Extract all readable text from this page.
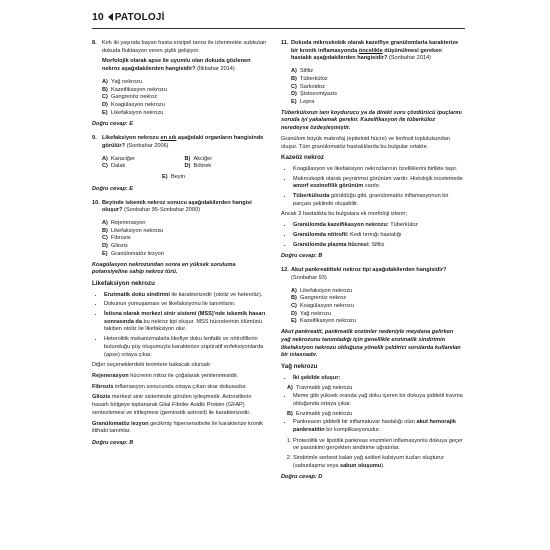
10 PATOLOJİ
8. Kırk iki yaşında bayan hasta erizipel tanısı ile izlenmekte subkutan dokuda fluktasyon veren şişlik gelişiyor.

Morfolojik olarak apse ile uyumlu olan dokuda gözlenen nekroz aşağıdakilerden hangisidir? (İlkbahar 2014)

A) Yağ nekrozu
B) Kazeifikasyon nekrozu
C) Gangrenöz nekroz
D) Koagülasyon nekrozu
E) Likefaksiyon nekrozu
Doğru cevap: E
9. Likefaksiyon nekrozu en sık aşağıdaki organların hangisinde görülür? (Sonbahar 2006)

A) Karaciğer	B) Akciğer
C) Dalak	D) Böbrek
E) Beyin
Doğru cevap: E
10. Beyinde iskemik nekroz sonucu aşağıdakilerden hangisi oluşur? (Sonbahar 95-Sonbahar 2000)

A) Rejenerasyon
B) Likefaksiyon nekrozu
C) Fibrozis
D) Gliozis
E) Granülomatöz lezyon

Koagülasyon nekrozundan sonra en yüksek soruluma potansiyeline sahip nekroz türü.

Likefaksiyon nekrozu
• Enzimatik doku sindirimi ile karakterizedir (otoliz ve heteroliz).
• Dokunun yumuşaması ve likefaksiyonu ile tanımlanır.
• İstisna olarak merkezi sinir sistemi (MSS)'nde iskemik hasarı sonrasında da bu nekroz tipi oluşur. MSS hücrelerinin ölümünü takiben otoliz ile likefaksiyon olur.
• Heterolitik mekanizmalarla likefiye doku lenfatik ve nötrofillerin bulunduğu püy oluşumuyla karakterize süpüratif enfeksiyonlarda (apse) ortaya çıkar.

Diğer seçeneklerdeki terimlere bakacak olursak:

Rejenerasyon hücrenin mitoz ile çoğalarak yenilenmesidir.

Fibrozis inflamasyon sonucunda ortaya çıkan skar dokusudur.

Gliozis merkezi sinir sisteminde görülen iyileşmedir. Astrositlerin hasarlı bölgeye toplanarak Glial Fibriler Asidik Protein (GFAP) sentezlemesi ve iritleşmesi (gemiostik astrosit) ile karakterizedir.

Granülomatöz lezyon gecikmiş hipersensitivite ile karakterize kronik iltihabi tanımlar.

Doğru cevap: B
11. Dokuda mikroskobik olarak kazeifiye granülomlarla karakterize bir kronik inflamasyonda öncelikle düşünülmesi gereken hastalık aşağıdakilerden hangisidir? (Sonbahar 2014)

A) Sifiliz
B) Tüberküloz
C) Sarkoidoz
D) Şistozomiyazis
E) Lepra

Tüberkülozun tanı koydurucu ya da direkt soru çözdürücü ipuçlarını soruda iyi yakalamak gerekir. Kazeifikasyon ile tüberküloz neredeyse özdeşleşmiştir.

Granülom büyük makrofaj (epiteloid hücre) ve lenfosit toplulukundan oluşur. Tüm granülomatöz hastalıklarda bu bulgular ortaktır.

Kazeöz nekroz
• Koagülasyon ve likefaksiyon nekrozlarının özelliklerini birlikte taşır.
• Makroskopik olarak peynirimsi görünüm vardır. Histolojik incelemede amorf eozinofilik görünüm vardır.
• Tüberkülozda görüldüğü gibi, granülomatöz inflamasyonun bir parçası şeklinde oluşabilir.

Ancak 3 hastalıkta bu bulgulara ek morfoloji izlenir;

• Granülomda kazeifikasyon nekrozu: Tüberküloz
• Granülomda nötrofil: Kedi tırmığı hastalığı
• Granülomda plazma hücresi: Sifiliz
Doğru cevap: B
12. Akut pankreatitteki nekroz tipi aşağıdakilerden hangisidir? (Sonbahar 93)

A) Likefaksiyon nekrozu
B) Gangrenöz nekroz
C) Koagülasyon nekrozu
D) Yağ nekrozu
E) Kazeifikasyon nekrozu

Akut pankreatit, pankreatik enzimler nedeniyle meydana gelirken yağ nekrozunu tanımladığı için genellikle enzimatik sindirimin likefaksiyon nekrozu olduğuna yönelik çeldirici sorularda kullanılan bir istasnadır.

Yağ nekrozu
• İki şekilde oluşur:
A) Travmatik yağ nekrozu
• Meme gibi yüksek oranda yağ doku içeren bir dokuya şiddetli travma olduğunda ortaya çıkar.
B) Enzimatik yağ nekrozu
• Pankreasın şiddetli bir inflamatuvar hastalığı olan akut hemorajik pankreatitin bir komplikasyonudur.
1. Proteolitik ve lipolitik pankreas enzimleri inflamasyonlu dokuya geçer ve parankimi gerçekten sindirime uğratırlar.
2. Sindirimle serbest kalan yağ asitleri kalsiyum tuzları oluşturur (sabunlaşma veya sabun oluşumu).
Doğru cevap: D
